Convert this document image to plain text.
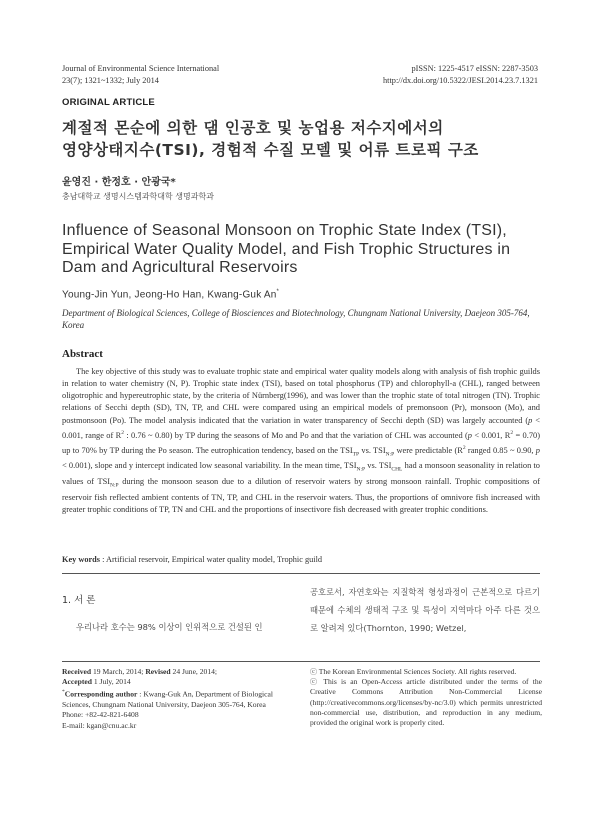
Journal of Environmental Science International
23(7); 1321~1332; July 2014
pISSN: 1225-4517 eISSN: 2287-3503
http://dx.doi.org/10.5322/JESI.2014.23.7.1321
ORIGINAL ARTICLE
계절적 몬순에 의한 댐 인공호 및 농업용 저수지에서의
영양상태지수(TSI), 경험적 수질 모델 및 어류 트로픽 구조
윤영진 · 한정호 · 안광국*
충남대학교 생명시스템과학대학 생명과학과
Influence of Seasonal Monsoon on Trophic State Index (TSI),
Empirical Water Quality Model, and Fish Trophic Structures in
Dam and Agricultural Reservoirs
Young-Jin Yun, Jeong-Ho Han, Kwang-Guk An*
Department of Biological Sciences, College of Biosciences and Biotechnology, Chungnam National University, Daejeon 305-764, Korea
Abstract
The key objective of this study was to evaluate trophic state and empirical water quality models along with analysis of fish trophic guilds in relation to water chemistry (N, P). Trophic state index (TSI), based on total phosphorus (TP) and chlorophyll-a (CHL), ranged between oligotrophic and hypereutrophic state, by the criteria of Nürnberg(1996), and was lower than the trophic state of total nitrogen (TN). Trophic relations of Secchi depth (SD), TN, TP, and CHL were compared using an empirical models of premonsoon (Pr), monsoon (Mo), and postmonsoon (Po). The model analysis indicated that the variation in water transparency of Secchi depth (SD) was largely accounted (p < 0.001, range of $R^2$ : 0.76 ~ 0.80) by TP during the seasons of Mo and Po and that the variation of CHL was accounted (p < 0.001, $R^2 = 0.70$) up to 70% by TP during the Po season. The eutrophication tendency, based on the $TSI_{TP}$ vs. $TSI_{N:P}$ were predictable ($R^2$ ranged 0.85 ~ 0.90, p < 0.001), slope and y intercept indicated low seasonal variability. In the mean time, $TSI_{N:P}$ vs. $TSI_{CHL}$ had a monsoon seasonality in relation to values of $TSI_{N:P}$ during the monsoon season due to a dilution of reservoir waters by strong monsoon rainfall. Trophic compositions of reservoir fish reflected ambient contents of TN, TP, and CHL in the reservoir waters. Thus, the proportions of omnivore fish increased with greater trophic conditions of TP, TN and CHL and the proportions of insectivore fish decreased with greater trophic conditions.
Key words : Artificial reservoir, Empirical water quality model, Trophic guild
1. 서 론
우리나라 호수는 98% 이상이 인위적으로 건설된 인
공호로서, 자연호와는 지질학적 형성과정이 근본적으로 다르기 때문에 수체의 생태적 구조 및 특성이 지역마다 아주 다른 것으로 알려져 있다(Thornton, 1990; Wetzel,
Received 19 March, 2014; Revised 24 June, 2014;
Accepted 1 July, 2014
*Corresponding author : Kwang-Guk An, Department of Biological Sciences, Chungnam National University, Daejeon 305-764, Korea
Phone: +82-42-821-6408
E-mail: kgan@cnu.ac.kr
ⓒ The Korean Environmental Sciences Society. All rights reserved.
ⓒ This is an Open-Access article distributed under the terms of the Creative Commons Attribution Non-Commercial License (http://creativecommons.org/licenses/by-nc/3.0) which permits unrestricted non-commercial use, distribution, and reproduction in any medium, provided the original work is properly cited.
